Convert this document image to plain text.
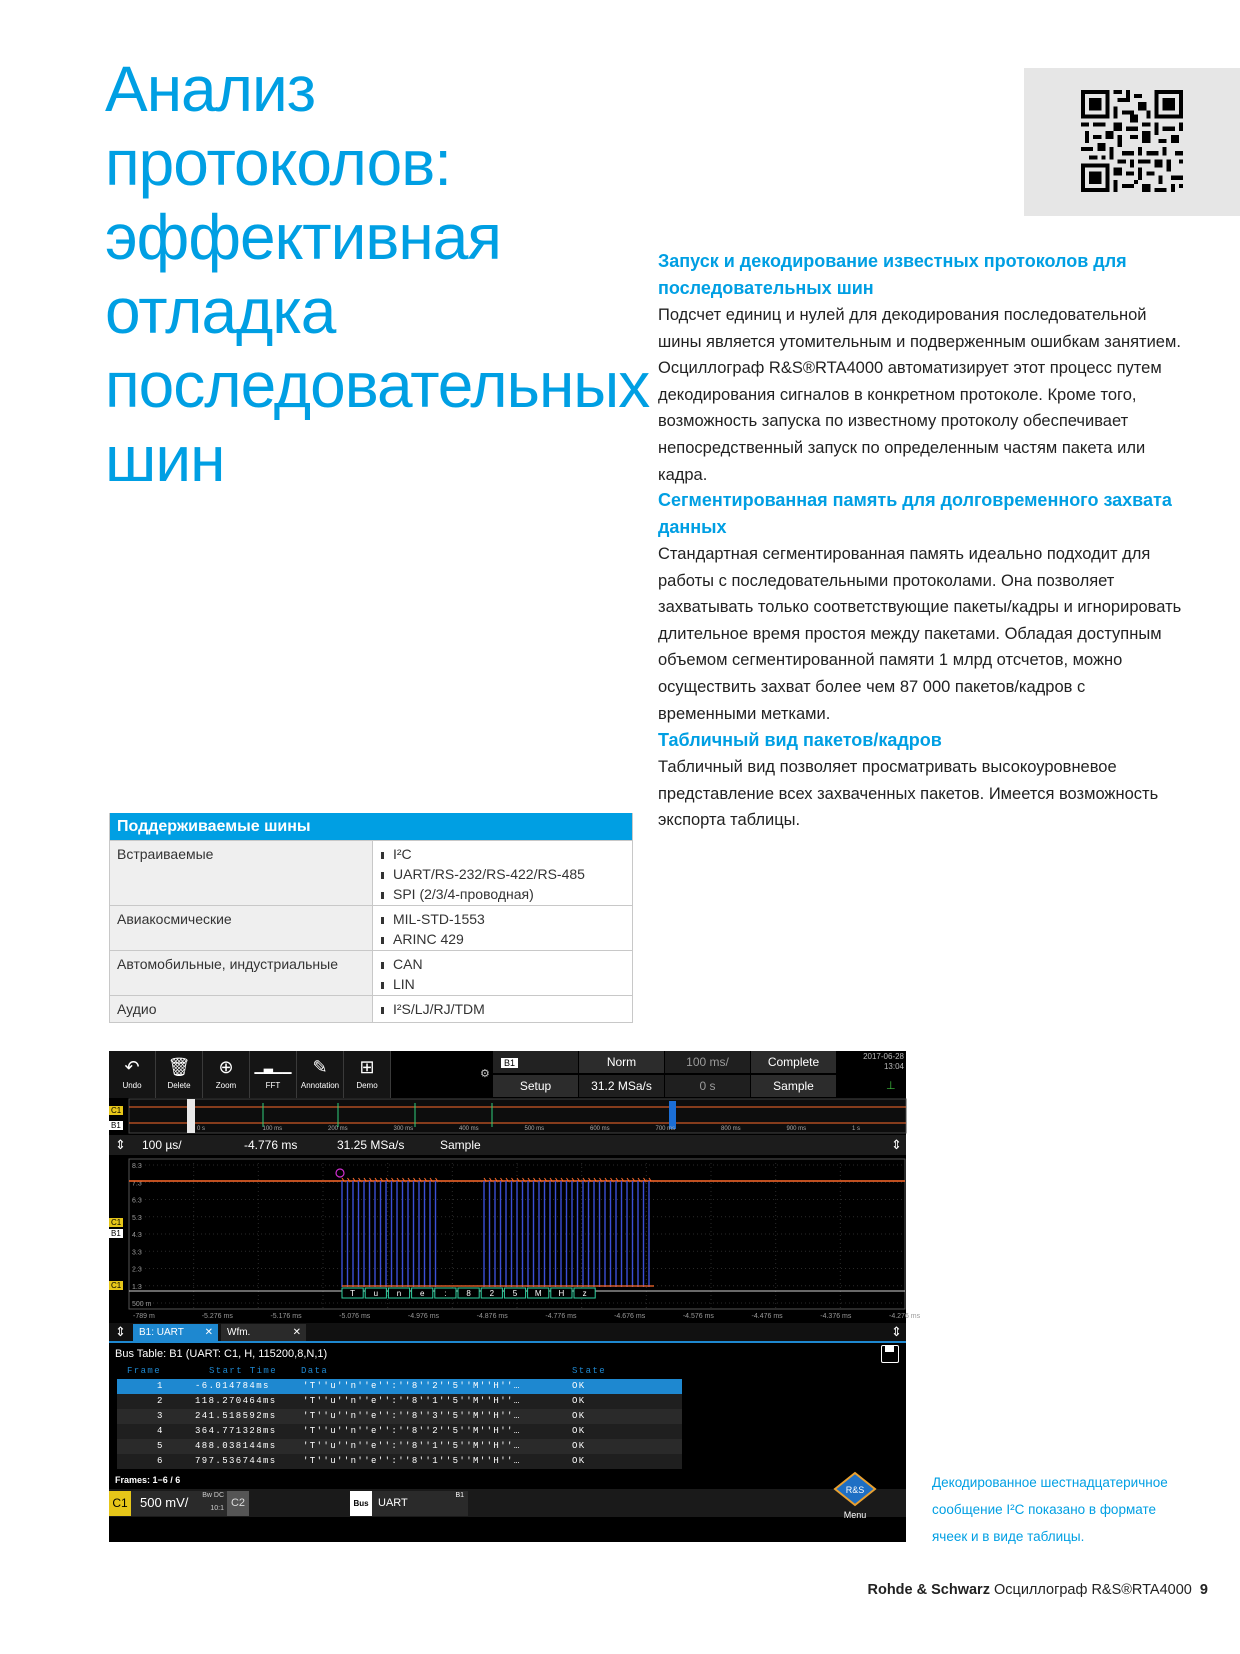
Анализ протоколов:
эффективная
отладка
последовательных
шин
Запуск и декодирование известных протоколов для последовательных шин

Подсчет единиц и нулей для декодирования последовательной шины является утомительным и подверженным ошибкам занятием. Осциллограф R&S®RTA4000 автоматизирует этот процесс путем декодирования сигналов в конкретном протоколе. Кроме того, возможность запуска по известному протоколу обеспечивает непосредственный запуск по определенным частям пакета или кадра.

Сегментированная память для долговременного захвата данных

Стандартная сегментированная память идеально подходит для работы с последовательными протоколами. Она позволяет захватывать только соответствующие пакеты/кадры и игнорировать длительное время простоя между пакетами. Обладая доступным объемом сегментированной памяти 1 млрд отсчетов, можно осуществить захват более чем 87 000 пакетов/кадров с временными метками.

Табличный вид пакетов/кадров

Табличный вид позволяет просматривать высокоуровневое представление всех захваченных пакетов. Имеется возможность экспорта таблицы.

Поддерживаемые шины
Встраиваемые	I²C
UART/RS-232/RS-422/RS-485
SPI (2/3/4-проводная)
Авиакосмические	MIL-STD-1553
ARINC 429
Автомобильные, индустриальные	CAN
LIN
Аудио	I²S/LJ/RJ/TDM
↶
Undo
🗑
Delete
⊕
Zoom
▁▃▁▁
FFT
✎
Annotation
⊞
Demo
⚙
B1	Norm	100 ms/	Complete
Setup	31.2 MSa/s	0 s	Sample
2017-06-28
13:04
⊥
0 s	100 ms	200 ms	300 ms	400 ms	500 ms	600 ms	700 ms	800 ms	900 ms	1 s
C1
B1
⇕ 100 µs/	-4.776 ms	31.25 MSa/s	Sample	⇕
8.3
7.3
6.3
5.3
4.3
3.3
2.3
1.3
500 m
-789 m	-5.276 ms	-5.176 ms	-5.076 ms	-4.976 ms	-4.876 ms	-4.776 ms	-4.676 ms	-4.576 ms	-4.476 ms	-4.376 ms	-4.276 ms
T u n e : 8 2 5 M H z
C1
B1
C1
⇕	B1: UART ✕	Wfm.	✕	⇕
Bus Table: B1 (UART: C1, H, 115200,8,N,1)
Frame	Start Time	Data	State
Frames: 1−6 / 6
C1 500 mV/ Bw DC
10:1 C2	Bus UART
B1
R&S
Menu
1	-6.014784ms	'T''u''n''e'':''8''2''5''M''H''…	OK
2	118.270464ms	'T''u''n''e'':''8''1''5''M''H''…	OK
3	241.518592ms	'T''u''n''e'':''8''3''5''M''H''…	OK
4	364.771328ms	'T''u''n''e'':''8''2''5''M''H''…	OK
5	488.038144ms	'T''u''n''e'':''8''1''5''M''H''…	OK
6	797.536744ms	'T''u''n''e'':''8''1''5''M''H''…	OK
Декодированное шестнадцатеричное сообщение I²C показано в формате ячеек и в виде таблицы.
Rohde & Schwarz Осциллограф R&S®RTA4000 9
